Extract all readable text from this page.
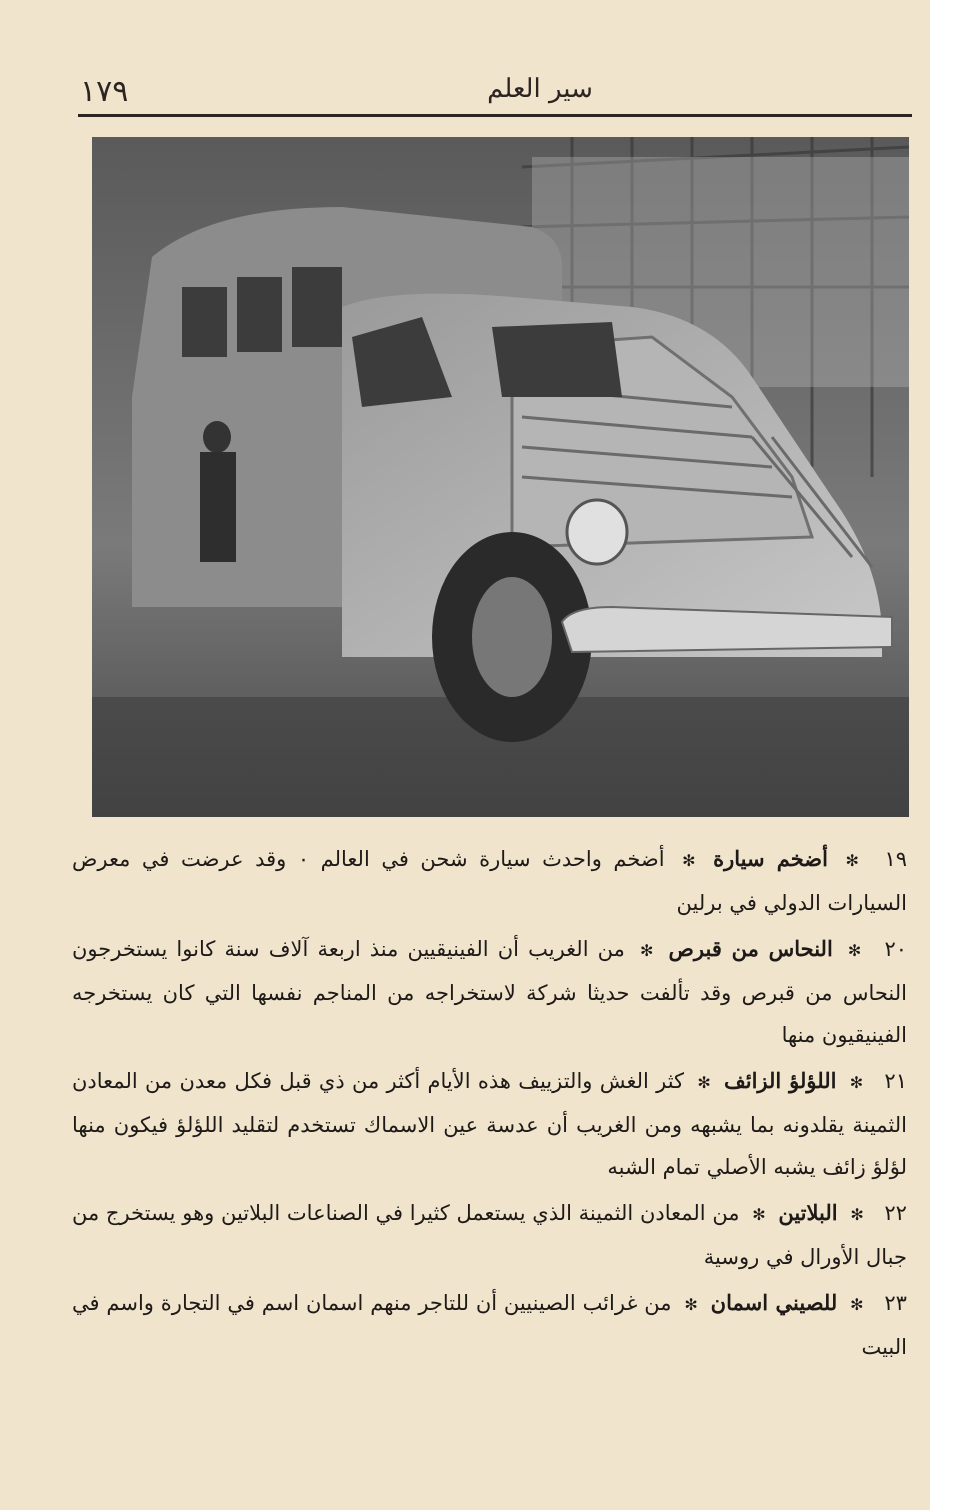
١٧٩	سير العلم

١٩ ✻ أضخم سيارة ✻ أضخم واحدث سيارة شحن في العالم ٠ وقد عرضت في معرض السيارات الدولي في برلين

٢٠ ✻ النحاس من قبرص ✻ من الغريب أن الفينيقيين منذ اربعة آلاف سنة كانوا يستخرجون النحاس من قبرص وقد تألفت حديثا شركة لاستخراجه من المناجم نفسها التي كان يستخرجه الفينيقيون منها

٢١ ✻ اللؤلؤ الزائف ✻ كثر الغش والتزييف هذه الأيام أكثر من ذي قبل فكل معدن من المعادن الثمينة يقلدونه بما يشبهه ومن الغريب أن عدسة عين الاسماك تستخدم لتقليد اللؤلؤ فيكون منها لؤلؤ زائف يشبه الأصلي تمام الشبه

٢٢ ✻ البلاتين ✻ من المعادن الثمينة الذي يستعمل كثيرا في الصناعات البلاتين وهو يستخرج من جبال الأورال في روسية

٢٣ ✻ للصيني اسمان ✻ من غرائب الصينيين أن للتاجر منهم اسمان اسم في التجارة واسم في البيت
